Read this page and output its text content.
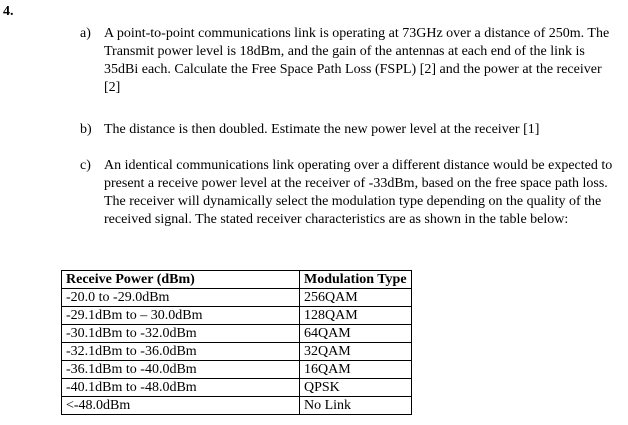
4.
a) A point-to-point communications link is operating at 73GHz over a distance of 250m. The Transmit power level is 18dBm, and the gain of the antennas at each end of the link is 35dBi each. Calculate the Free Space Path Loss (FSPL) [2] and the power at the receiver [2]
b) The distance is then doubled. Estimate the new power level at the receiver [1]
c) An identical communications link operating over a different distance would be expected to present a receive power level at the receiver of -33dBm, based on the free space path loss. The receiver will dynamically select the modulation type depending on the quality of the received signal. The stated receiver characteristics are as shown in the table below:
Receive Power (dBm)	Modulation Type
-20.0 to -29.0dBm	256QAM
-29.1dBm to – 30.0dBm	128QAM
-30.1dBm to -32.0dBm	64QAM
-32.1dBm to -36.0dBm	32QAM
-36.1dBm to -40.0dBm	16QAM
-40.1dBm to -48.0dBm	QPSK
<-48.0dBm	No Link
